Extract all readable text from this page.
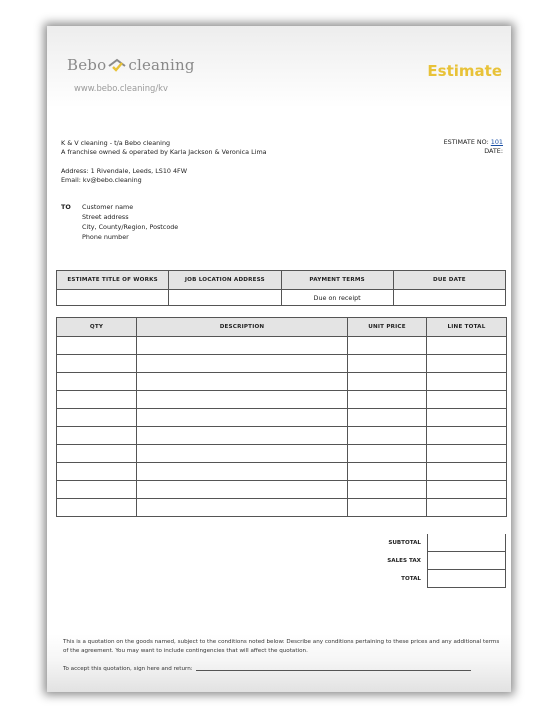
Bebo cleaning
www.bebo.cleaning/kv
Estimate
K & V cleaning - t/a Bebo cleaning
A franchise owned & operated by Karla Jackson & Veronica Lima
ESTIMATE NO: 101
DATE:
Address: 1 Rivendale, Leeds, LS10 4FW
Email: kv@bebo.cleaning
TO Customer name
Street address
City, County/Region, Postcode
Phone number
ESTIMATE TITLE OF WORKS	JOB LOCATION ADDRESS	PAYMENT TERMS	DUE DATE
		Due on receipt	
QTY	DESCRIPTION	UNIT PRICE	LINE TOTAL

SUBTOTAL
SALES TAX
TOTAL
This is a quotation on the goods named, subject to the conditions noted below: Describe any conditions pertaining to these prices and any additional terms of the agreement. You may want to include contingencies that will affect the quotation.
To accept this quotation, sign here and return:
